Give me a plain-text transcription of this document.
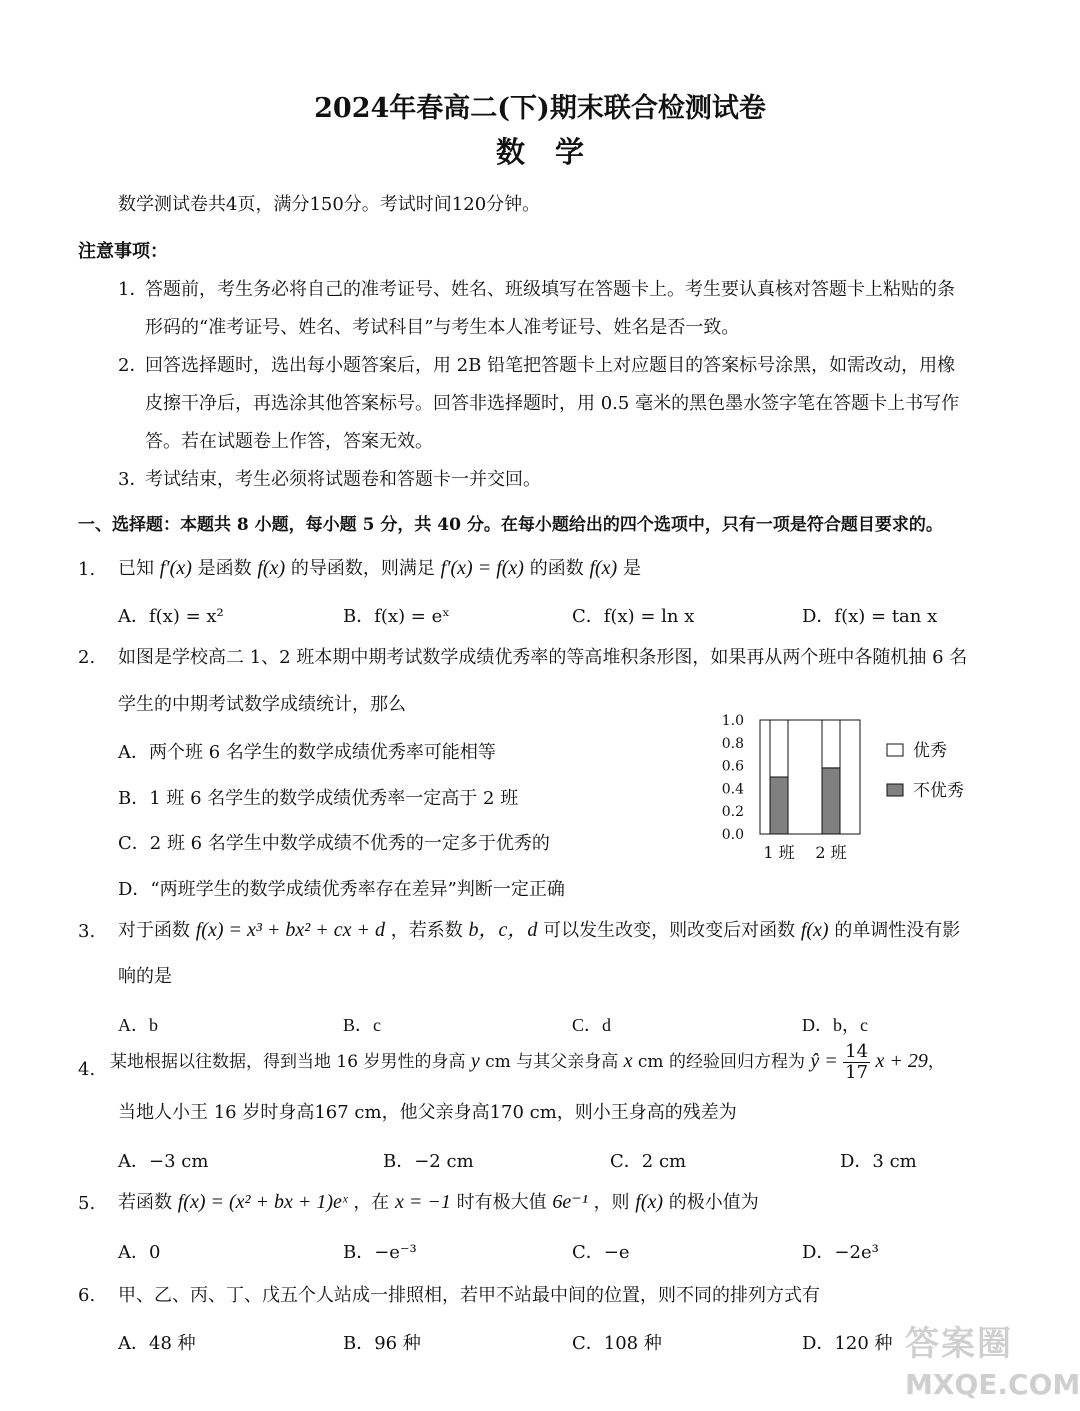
2024年春高二(下)期末联合检测试卷
数学
数学测试卷共4页，满分150分。考试时间120分钟。
注意事项：
1．
答题前，考生务必将自己的准考证号、姓名、班级填写在答题卡上。考生要认真核对答题卡上粘贴的条
形码的“准考证号、姓名、考试科目”与考生本人准考证号、姓名是否一致。
2．
回答选择题时，选出每小题答案后，用 2B 铅笔把答题卡上对应题目的答案标号涂黑，如需改动，用橡
皮擦干净后，再选涂其他答案标号。回答非选择题时，用 0.5 毫米的黑色墨水签字笔在答题卡上书写作
答。若在试题卷上作答，答案无效。
3．
考试结束，考生必须将试题卷和答题卡一并交回。
一、选择题：本题共 8 小题，每小题 5 分，共 40 分。在每小题给出的四个选项中，只有一项是符合题目要求的。
1. 已知 f′(x) 是函数 f(x) 的导函数，则满足 f′(x) = f(x) 的函数 f(x) 是
A．f(x) = x²	B．f(x) = eˣ	C．f(x) = ln x	D．f(x) = tan x
2. 如图是学校高二 1、2 班本期中期考试数学成绩优秀率的等高堆积条形图，如果再从两个班中各随机抽 6 名
学生的中期考试数学成绩统计，那么
A．两个班 6 名学生的数学成绩优秀率可能相等
B．1 班 6 名学生的数学成绩优秀率一定高于 2 班
C．2 班 6 名学生中数学成绩不优秀的一定多于优秀的
D．“两班学生的数学成绩优秀率存在差异”判断一定正确
1.0
0.8
0.6
0.4
0.2
0.0
1 班 2 班
优秀
不优秀
3. 对于函数 f(x) = x³ + bx² + cx + d ，若系数 b，c，d 可以发生改变，则改变后对函数 f(x) 的单调性没有影
响的是
A．b	B．c	C．d	D．b，c
4. 某地根据以往数据，得到当地 16 岁男性的身高 y cm 与其父亲身高 x cm 的经验回归方程为 ŷ = $\frac{14}{17}$ x + 29，
当地人小王 16 岁时身高167 cm，他父亲身高170 cm，则小王身高的残差为
A．−3 cm	B．−2 cm	C．2 cm	D．3 cm
5. 若函数 f(x) = (x² + bx + 1)eˣ ，在 x = −1 时有极大值 6e⁻¹ ，则 f(x) 的极小值为
A．0	B．−e⁻³	C．−e	D．−2e³
6. 甲、乙、丙、丁、戊五个人站成一排照相，若甲不站最中间的位置，则不同的排列方式有
A．48 种	B．96 种	C．108 种	D．120 种 答案圈
MXQE.COM
